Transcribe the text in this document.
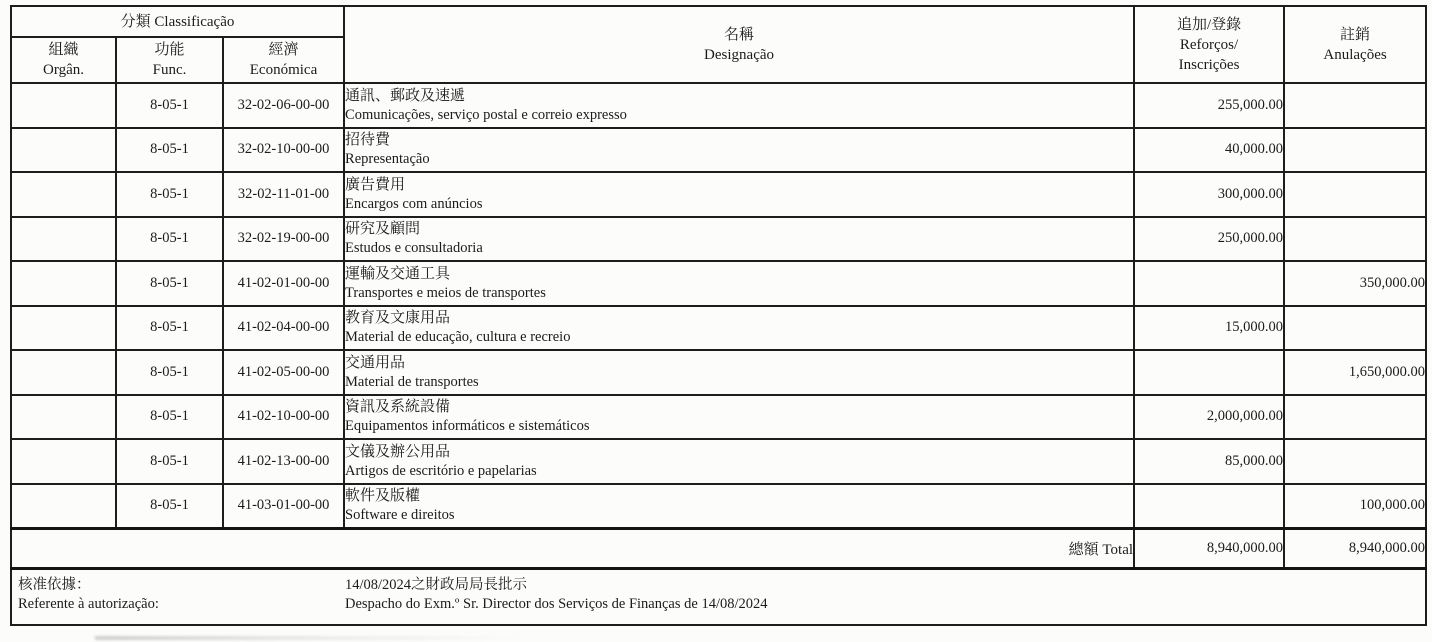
分類 Classificação	
名稱
Designação

追加/登錄
Reforços/
Inscrições

註銷
Anulações

組織
Orgân.

功能
Func.

經濟
Económica

	8-05-1	32-02-06-00-00	通訊、郵政及速遞
Comunicações, serviço postal e correio expresso	255,000.00	
	8-05-1	32-02-10-00-00	招待費
Representação	40,000.00	
	8-05-1	32-02-11-01-00	廣告費用
Encargos com anúncios	300,000.00	
	8-05-1	32-02-19-00-00	研究及顧問
Estudos e consultadoria	250,000.00	
	8-05-1	41-02-01-00-00	運輸及交通工具
Transportes e meios de transportes		350,000.00
	8-05-1	41-02-04-00-00	教育及文康用品
Material de educação, cultura e recreio	15,000.00	
	8-05-1	41-02-05-00-00	交通用品
Material de transportes		1,650,000.00
	8-05-1	41-02-10-00-00	資訊及系統設備
Equipamentos informáticos e sistemáticos	2,000,000.00	
	8-05-1	41-02-13-00-00	文儀及辦公用品
Artigos de escritório e papelarias	85,000.00	
	8-05-1	41-03-01-00-00	軟件及版權
Software e direitos		100,000.00
總額 Total				8,940,000.00	8,940,000.00

核准依據：
Referente à autorização:
14/08/2024之財政局局長批示
Despacho do Exm.º Sr. Director dos Serviços de Finanças de 14/08/2024					
